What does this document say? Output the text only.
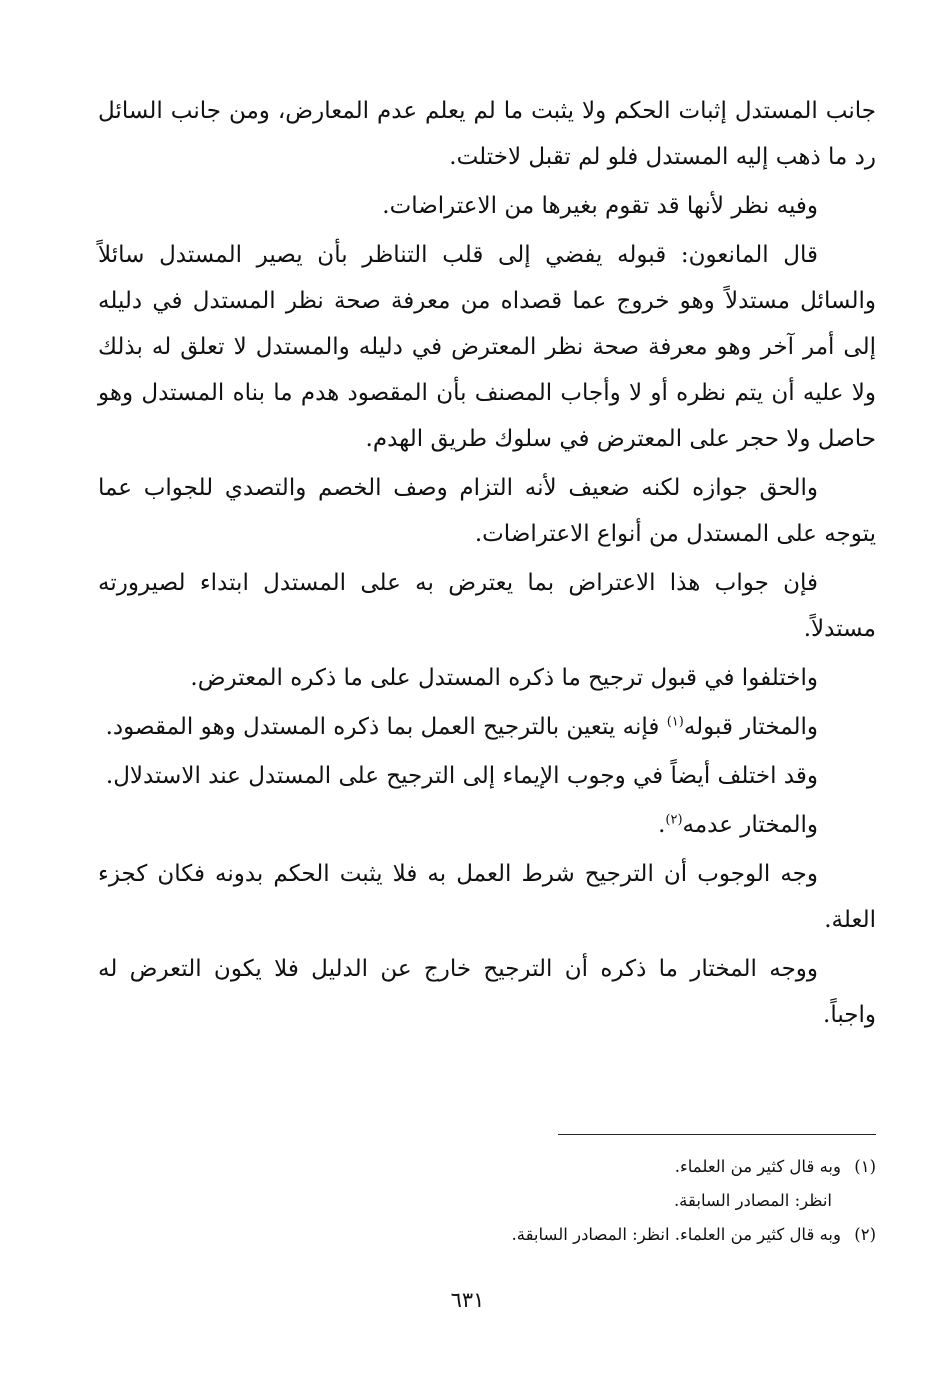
جانب المستدل إثبات الحكم ولا يثبت ما لم يعلم عدم المعارض، ومن جانب السائل رد ما ذهب إليه المستدل فلو لم تقبل لاختلت.

وفيه نظر لأنها قد تقوم بغيرها من الاعتراضات.

قال المانعون: قبوله يفضي إلى قلب التناظر بأن يصير المستدل سائلاً والسائل مستدلاً وهو خروج عما قصداه من معرفة صحة نظر المستدل في دليله إلى أمر آخر وهو معرفة صحة نظر المعترض في دليله والمستدل لا تعلق له بذلك ولا عليه أن يتم نظره أو لا وأجاب المصنف بأن المقصود هدم ما بناه المستدل وهو حاصل ولا حجر على المعترض في سلوك طريق الهدم.

والحق جوازه لكنه ضعيف لأنه التزام وصف الخصم والتصدي للجواب عما يتوجه على المستدل من أنواع الاعتراضات.

فإن جواب هذا الاعتراض بما يعترض به على المستدل ابتداء لصيرورته مستدلاً.

واختلفوا في قبول ترجيح ما ذكره المستدل على ما ذكره المعترض.

والمختار قبوله$^{(١)}$ فإنه يتعين بالترجيح العمل بما ذكره المستدل وهو المقصود.

وقد اختلف أيضاً في وجوب الإيماء إلى الترجيح على المستدل عند الاستدلال.

والمختار عدمه$^{(٢)}$.

وجه الوجوب أن الترجيح شرط العمل به فلا يثبت الحكم بدونه فكان كجزء العلة.

ووجه المختار ما ذكره أن الترجيح خارج عن الدليل فلا يكون التعرض له واجباً.

(١) وبه قال كثير من العلماء.
انظر: المصادر السابقة.
(٢) وبه قال كثير من العلماء. انظر: المصادر السابقة.
٦٣١
